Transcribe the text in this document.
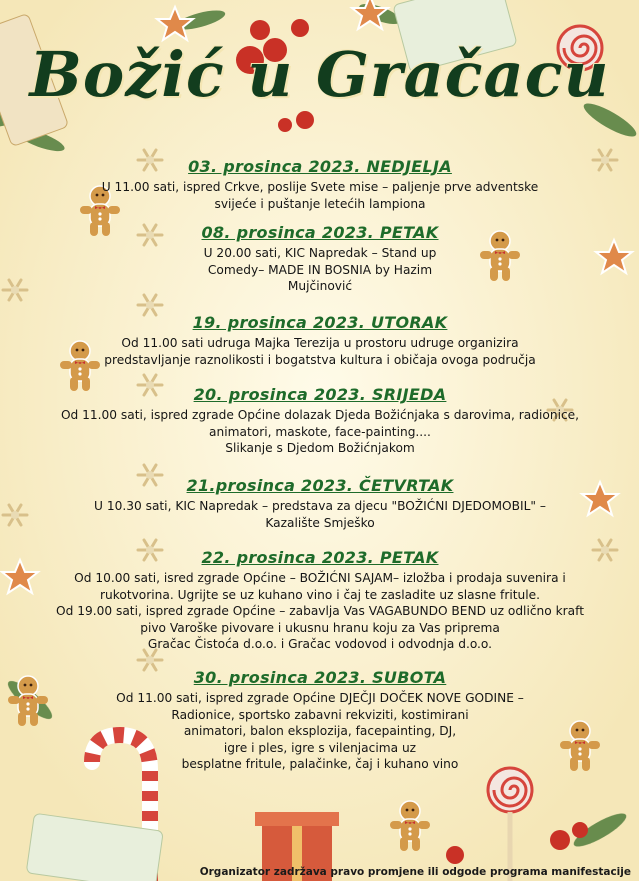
Božić u Gračacu
03. prosinca 2023. NEDJELJA
U 11.00 sati, ispred Crkve, poslije Svete mise – paljenje prve adventske
svijeće i puštanje letećih lampiona
08. prosinca 2023. PETAK
U 20.00 sati, KIC Napredak – Stand up
Comedy– MADE IN BOSNIA by Hazim
Mujčinović
19. prosinca 2023. UTORAK
Od 11.00 sati udruga Majka Terezija u prostoru udruge organizira
predstavljanje raznolikosti i bogatstva kultura i običaja ovoga područja
20. prosinca 2023. SRIJEDA
Od 11.00 sati, ispred zgrade Općine dolazak Djeda Božićnjaka s darovima, radionice,
animatori, maskote, face-painting....
Slikanje s Djedom Božićnjakom
21.prosinca 2023. ČETVRTAK
U 10.30 sati, KIC Napredak – predstava za djecu "BOŽIĆNI DJEDOMOBIL" –
Kazalište Smješko
22. prosinca 2023. PETAK
Od 10.00 sati, isred zgrade Općine – BOŽIĆNI SAJAM– izložba i prodaja suvenira i
rukotvorina. Ugrijte se uz kuhano vino i čaj te zasladite uz slasne fritule.
Od 19.00 sati, ispred zgrade Općine – zabavlja Vas VAGABUNDO BEND uz odlično kraft
pivo Varoške pivovare i ukusnu hranu koju za Vas priprema
Gračac Čistoća d.o.o. i Gračac vodovod i odvodnja d.o.o.
30. prosinca 2023. SUBOTA
Od 11.00 sati, ispred zgrade Općine DJEČJI DOČEK NOVE GODINE –
Radionice, sportsko zabavni rekviziti, kostimirani
animatori, balon eksplozija, facepainting, DJ,
igre i ples, igre s vilenjacima uz
besplatne fritule, palačinke, čaj i kuhano vino
Organizator zadržava pravo promjene ili odgode programa manifestacije
